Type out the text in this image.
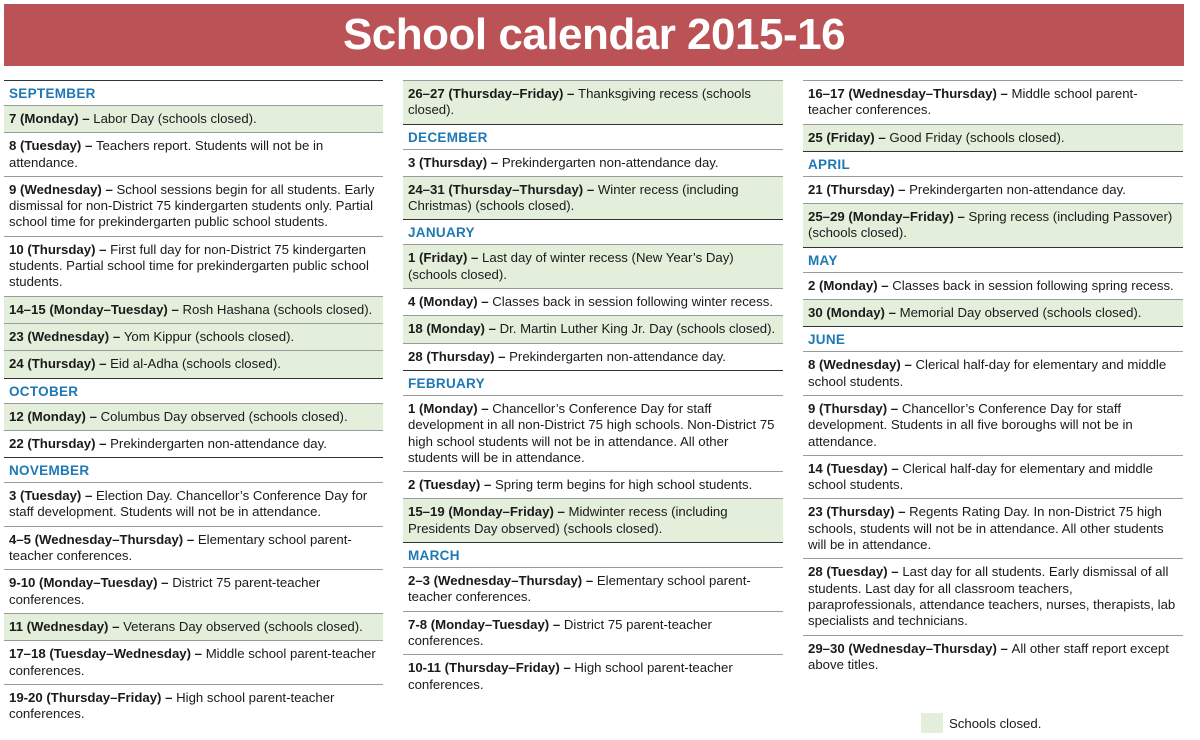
School calendar 2015-16
SEPTEMBER
7 (Monday) – Labor Day (schools closed).
8 (Tuesday) – Teachers report. Students will not be in attendance.
9 (Wednesday) – School sessions begin for all students. Early dismissal for non-District 75 kindergarten students only. Partial school time for prekindergarten public school students.
10 (Thursday) – First full day for non-District 75 kindergarten students. Partial school time for prekindergarten public school students.
14–15 (Monday–Tuesday) – Rosh Hashana (schools closed).
23 (Wednesday) – Yom Kippur (schools closed).
24 (Thursday) – Eid al-Adha (schools closed).
OCTOBER
12 (Monday) – Columbus Day observed (schools closed).
22 (Thursday) – Prekindergarten non-attendance day.
NOVEMBER
3 (Tuesday) – Election Day. Chancellor’s Conference Day for staff development. Students will not be in attendance.
4–5 (Wednesday–Thursday) – Elementary school parent-teacher conferences.
9-10 (Monday–Tuesday) – District 75 parent-teacher conferences.
11 (Wednesday) – Veterans Day observed (schools closed).
17–18 (Tuesday–Wednesday) – Middle school parent-teacher conferences.
19-20 (Thursday–Friday) – High school parent-teacher conferences.
26–27 (Thursday–Friday) – Thanksgiving recess (schools closed).
DECEMBER
3 (Thursday) – Prekindergarten non-attendance day.
24–31 (Thursday–Thursday) – Winter recess (including Christmas) (schools closed).
JANUARY
1 (Friday) – Last day of winter recess (New Year’s Day) (schools closed).
4 (Monday) – Classes back in session following winter recess.
18 (Monday) – Dr. Martin Luther King Jr. Day (schools closed).
28 (Thursday) – Prekindergarten non-attendance day.
FEBRUARY
1 (Monday) – Chancellor’s Conference Day for staff development in all non-District 75 high schools. Non-District 75 high school students will not be in attendance. All other students will be in attendance.
2 (Tuesday) – Spring term begins for high school students.
15–19 (Monday–Friday) – Midwinter recess (including Presidents Day observed) (schools closed).
MARCH
2–3 (Wednesday–Thursday) – Elementary school parent-teacher conferences.
7-8 (Monday–Tuesday) – District 75 parent-teacher conferences.
10-11 (Thursday–Friday) – High school parent-teacher conferences.
16–17 (Wednesday–Thursday) – Middle school parent-teacher conferences.
25 (Friday) – Good Friday (schools closed).
APRIL
21 (Thursday) – Prekindergarten non-attendance day.
25–29 (Monday–Friday) – Spring recess (including Passover) (schools closed).
MAY
2 (Monday) – Classes back in session following spring recess.
30 (Monday) – Memorial Day observed (schools closed).
JUNE
8 (Wednesday) – Clerical half-day for elementary and middle school students.
9 (Thursday) – Chancellor’s Conference Day for staff development. Students in all five boroughs will not be in attendance.
14 (Tuesday) – Clerical half-day for elementary and middle school students.
23 (Thursday) – Regents Rating Day. In non-District 75 high schools, students will not be in attendance. All other students will be in attendance.
28 (Tuesday) – Last day for all students. Early dismissal of all students. Last day for all classroom teachers, paraprofessionals, attendance teachers, nurses, therapists, lab specialists and technicians.
29–30 (Wednesday–Thursday) – All other staff report except above titles.
Schools closed.
